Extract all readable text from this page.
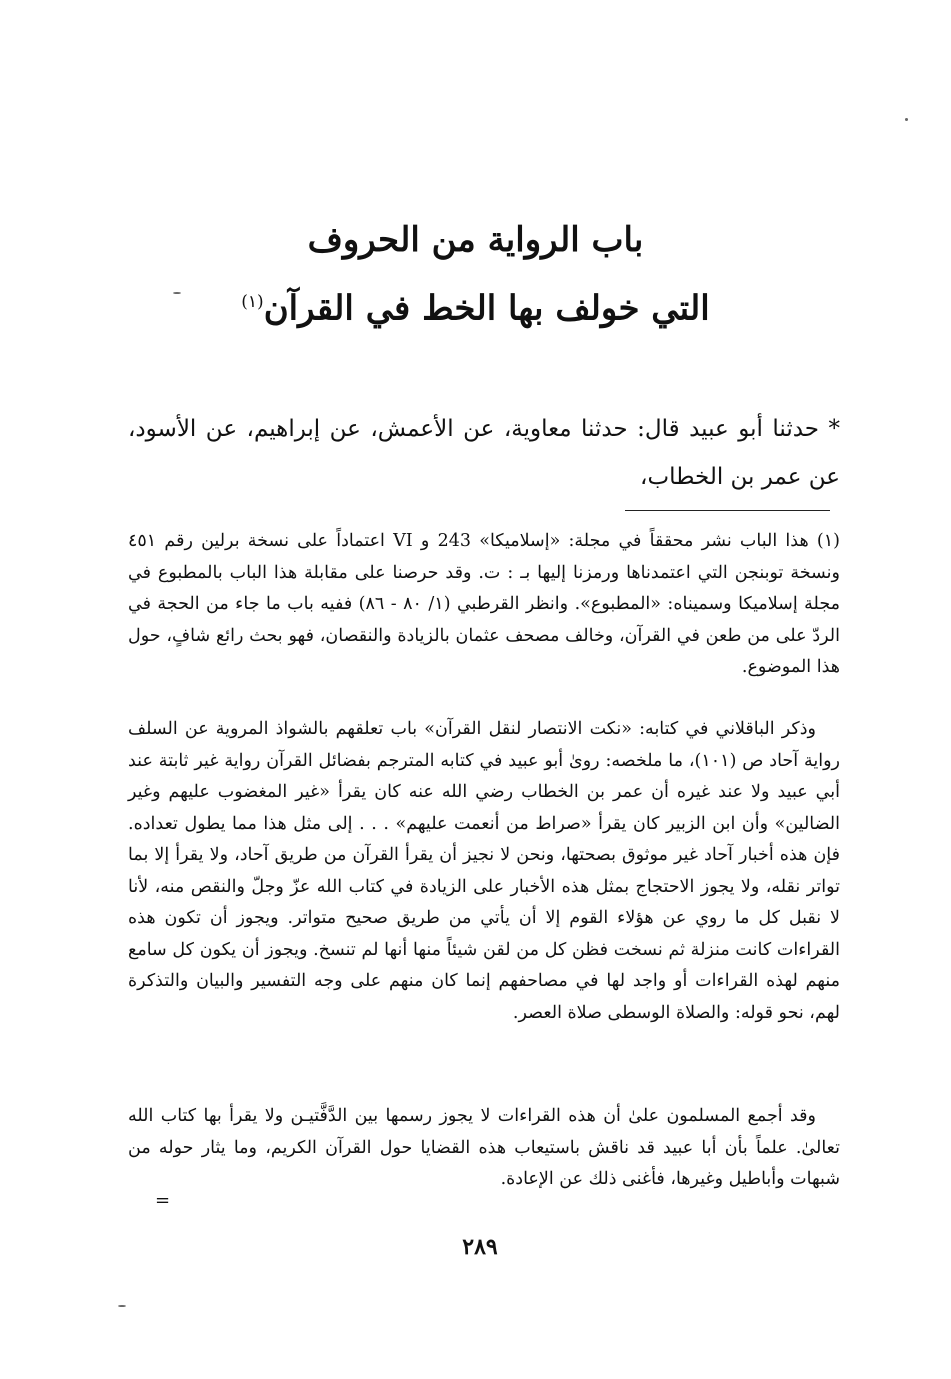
باب الرواية من الحروف
التي خولف بها الخط في القرآن$^{(١)}$
* حدثنا أبو عبيد قال: حدثنا معاوية، عن الأعمش، عن إبراهيم، عن الأسود، عن عمر بن الخطاب،
(١) هذا الباب نشر محققاً في مجلة: «إسلاميكا» 243 و VI اعتماداً على نسخة برلين رقم ٤٥١ ونسخة توبنجن التي اعتمدناها ورمزنا إليها بـ : ت. وقد حرصنا على مقابلة هذا الباب بالمطبوع في مجلة إسلاميكا وسميناه: «المطبوع». وانظر القرطبي (١/ ٨٠ - ٨٦) ففيه باب ما جاء من الحجة في الردّ على من طعن في القرآن، وخالف مصحف عثمان بالزيادة والنقصان، فهو بحث رائع شافٍ، حول هذا الموضوع.
وذكر الباقلاني في كتابه: «نكت الانتصار لنقل القرآن» باب تعلقهم بالشواذ المروية عن السلف رواية آحاد ص (١٠١)، ما ملخصه: روىٰ أبو عبيد في كتابه المترجم بفضائل القرآن رواية غير ثابتة عند أبي عبيد ولا عند غيره أن عمر بن الخطاب رضي الله عنه كان يقرأ «غير المغضوب عليهم وغير الضالين» وأن ابن الزبير كان يقرأ «صراط من أنعمت عليهم» . . . إلى مثل هذا مما يطول تعداده. فإن هذه أخبار آحاد غير موثوق بصحتها، ونحن لا نجيز أن يقرأ القرآن من طريق آحاد، ولا يقرأ إلا بما تواتر نقله، ولا يجوز الاحتجاج بمثل هذه الأخبار على الزيادة في كتاب الله عزّ وجلّ والنقص منه، لأنا لا نقبل كل ما روي عن هؤلاء القوم إلا أن يأتي من طريق صحيح متواتر. ويجوز أن تكون هذه القراءات كانت منزلة ثم نسخت فظن كل من لقن شيئاً منها أنها لم تنسخ. ويجوز أن يكون كل سامع منهم لهذه القراءات أو واجد لها في مصاحفهم إنما كان منهم على وجه التفسير والبيان والتذكرة لهم، نحو قوله: والصلاة الوسطى صلاة العصر.
وقد أجمع المسلمون علىٰ أن هذه القراءات لا يجوز رسمها بين الدَّفَّتيـن ولا يقرأ بها كتاب الله تعالىٰ. علماً بأن أبا عبيد قد ناقش باستيعاب هذه القضايا حول القرآن الكريم، وما يثار حوله من شبهات وأباطيل وغيرها، فأغنى ذلك عن الإعادة.
=
٢٨٩
